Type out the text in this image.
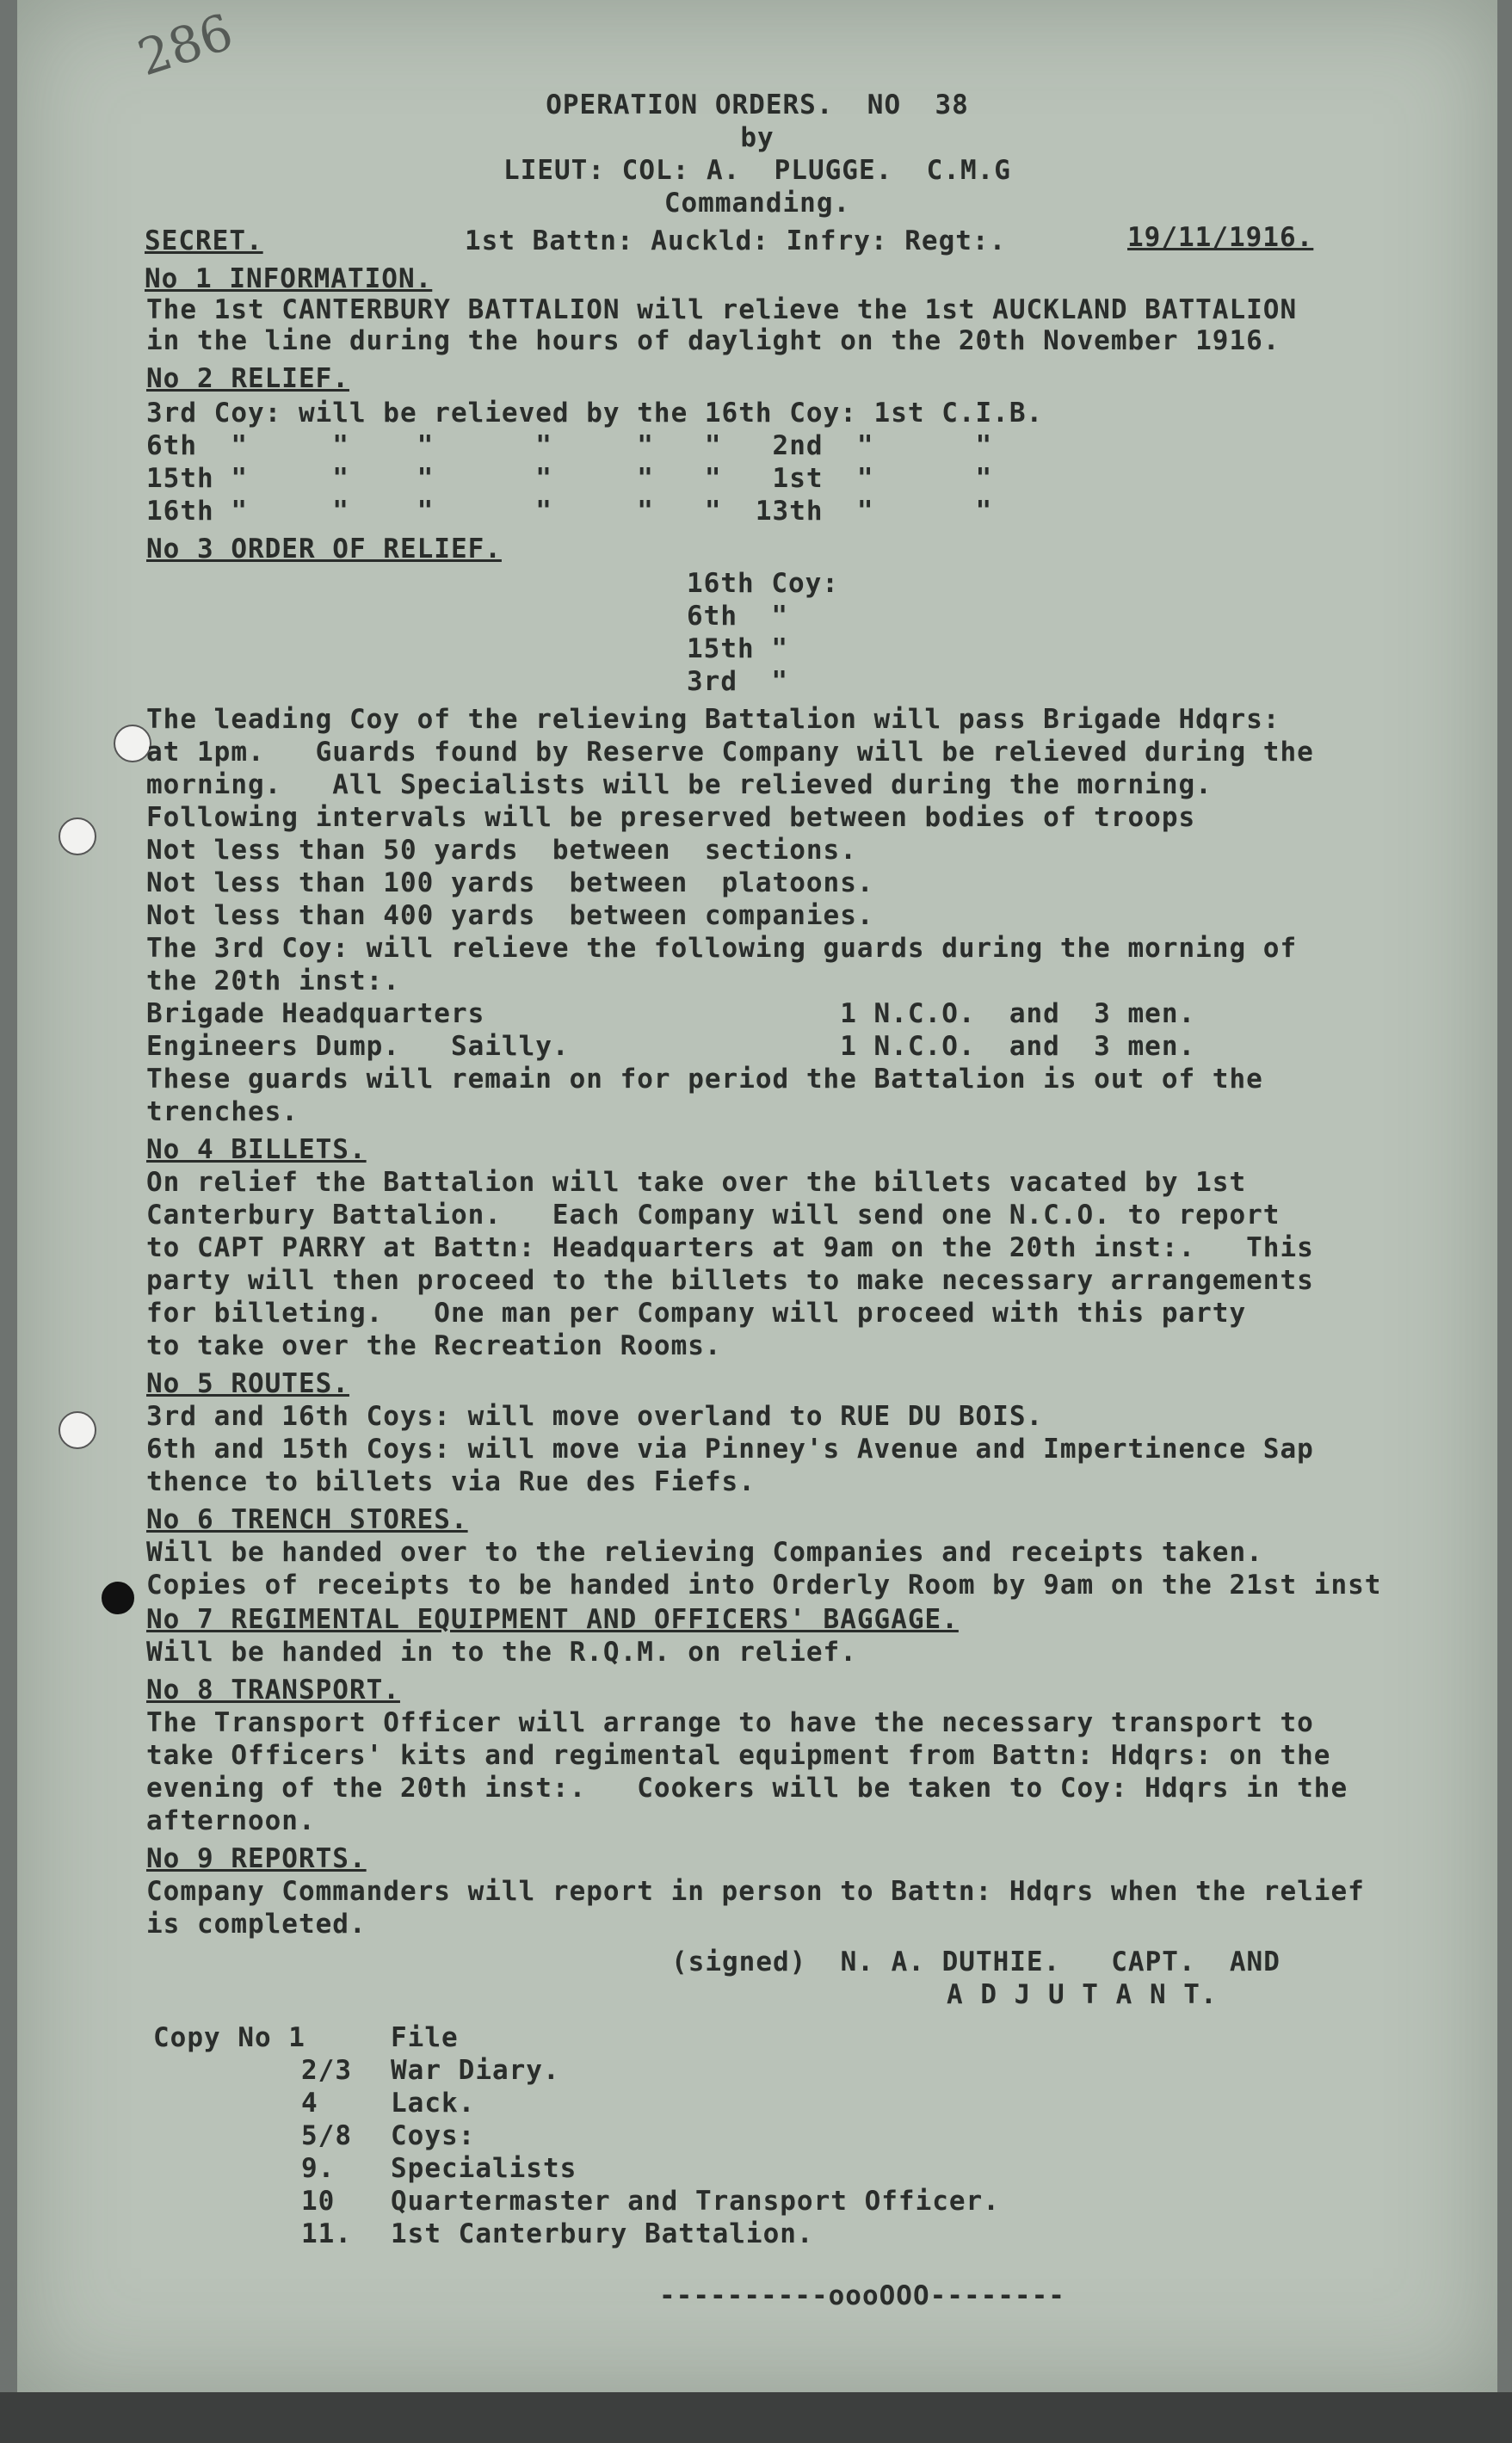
286
OPERATION ORDERS.  NO  38
by
LIEUT: COL: A.  PLUGGE.  C.M.G
Commanding.
SECRET.	1st Battn: Auckld: Infry: Regt:.	19/11/1916.
No 1 INFORMATION.
The 1st CANTERBURY BATTALION will relieve the 1st AUCKLAND BATTALION
in the line during the hours of daylight on the 20th November 1916.
No 2 RELIEF.
3rd Coy: will be relieved by the 16th Coy: 1st C.I.B.
6th  "     "    "      "     "   "   2nd  "      "
15th "     "    "      "     "   "   1st  "      "
16th "     "    "      "     "   "  13th  "      "
No 3 ORDER OF RELIEF.
16th Coy:
6th  "
15th "
3rd  "
The leading Coy of the relieving Battalion will pass Brigade Hdqrs:
at 1pm.   Guards found by Reserve Company will be relieved during the
morning.   All Specialists will be relieved during the morning.
Following intervals will be preserved between bodies of troops
Not less than 50 yards  between  sections.
Not less than 100 yards  between  platoons.
Not less than 400 yards  between companies.
The 3rd Coy: will relieve the following guards during the morning of
the 20th inst:.
Brigade Headquarters                     1 N.C.O.  and  3 men.
Engineers Dump.   Sailly.                1 N.C.O.  and  3 men.
These guards will remain on for period the Battalion is out of the
trenches.
No 4 BILLETS.
On relief the Battalion will take over the billets vacated by 1st
Canterbury Battalion.   Each Company will send one N.C.O. to report
to CAPT PARRY at Battn: Headquarters at 9am on the 20th inst:.   This
party will then proceed to the billets to make necessary arrangements
for billeting.   One man per Company will proceed with this party
to take over the Recreation Rooms.
No 5 ROUTES.
3rd and 16th Coys: will move overland to RUE DU BOIS.
6th and 15th Coys: will move via Pinney's Avenue and Impertinence Sap
thence to billets via Rue des Fiefs.
No 6 TRENCH STORES.
Will be handed over to the relieving Companies and receipts taken.
Copies of receipts to be handed into Orderly Room by 9am on the 21st inst
No 7 REGIMENTAL EQUIPMENT AND OFFICERS' BAGGAGE.
Will be handed in to the R.Q.M. on relief.
No 8 TRANSPORT.
The Transport Officer will arrange to have the necessary transport to
take Officers' kits and regimental equipment from Battn: Hdqrs: on the
evening of the 20th inst:.   Cookers will be taken to Coy: Hdqrs in the
afternoon.
No 9 REPORTS.
Company Commanders will report in person to Battn: Hdqrs when the relief
is completed.
(signed)  N. A. DUTHIE.   CAPT.  AND
A D J U T A N T.
Copy No 1	File
2/3 War Diary.
4	Lack.
5/8 Coys:
9. Specialists
10 Quartermaster and Transport Officer.
11. 1st Canterbury Battalion.
----------oooOOO--------
